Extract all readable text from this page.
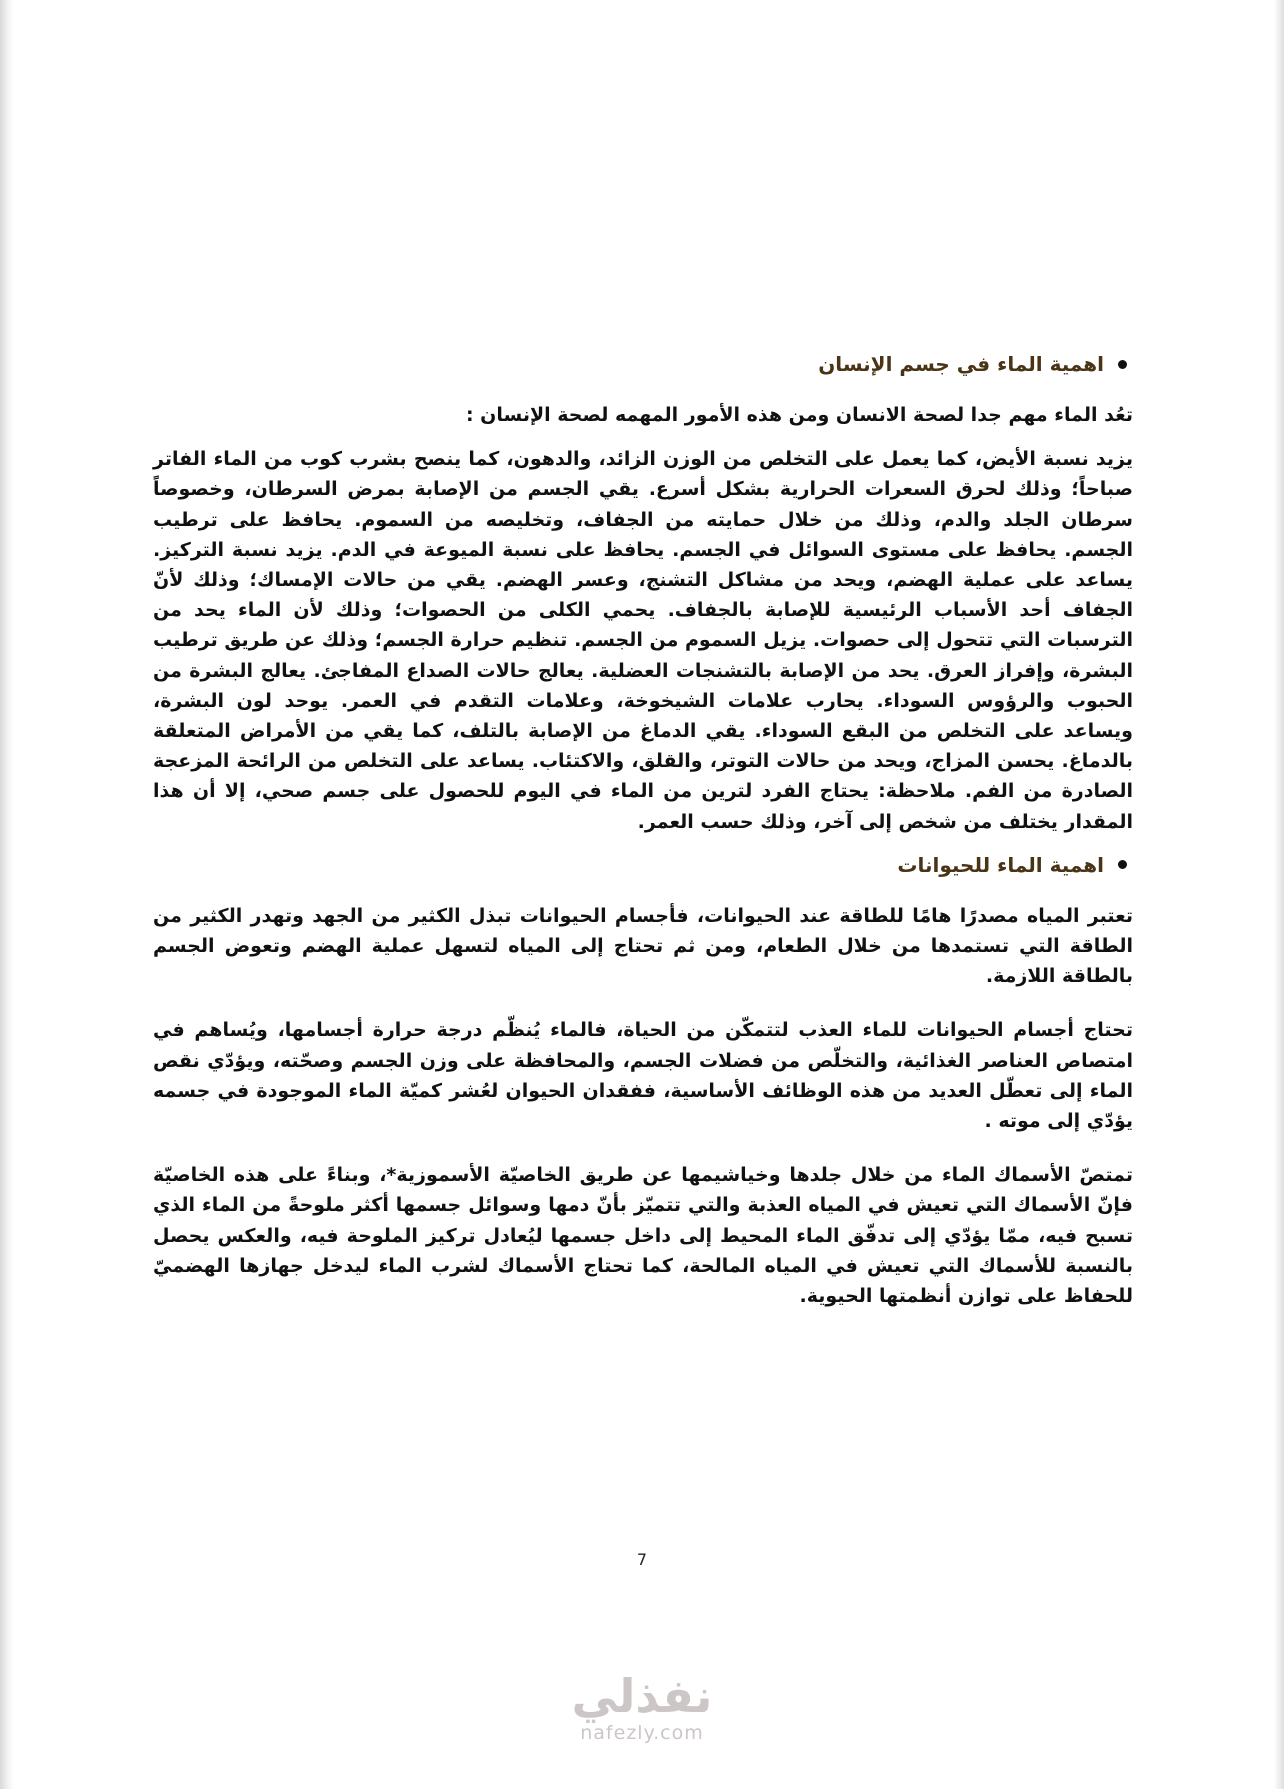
اهمية الماء في جسم الإنسان

تعُد الماء مهم جدا لصحة الانسان ومن هذه الأمور المهمه لصحة الإنسان :

يزيد نسبة الأيض، كما يعمل على التخلص من الوزن الزائد، والدهون، كما ينصح بشرب كوب من الماء الفاتر صباحاً؛ وذلك لحرق السعرات الحرارية بشكل أسرع. يقي الجسم من الإصابة بمرض السرطان، وخصوصاً سرطان الجلد والدم، وذلك من خلال حمايته من الجفاف، وتخليصه من السموم. يحافظ على ترطيب الجسم. يحافظ على مستوى السوائل في الجسم. يحافظ على نسبة الميوعة في الدم. يزيد نسبة التركيز. يساعد على عملية الهضم، ويحد من مشاكل التشنج، وعسر الهضم. يقي من حالات الإمساك؛ وذلك لأنّ الجفاف أحد الأسباب الرئيسية للإصابة بالجفاف. يحمي الكلى من الحصوات؛ وذلك لأن الماء يحد من الترسبات التي تتحول إلى حصوات. يزيل السموم من الجسم. تنظيم حرارة الجسم؛ وذلك عن طريق ترطيب البشرة، وإفراز العرق. يحد من الإصابة بالتشنجات العضلية. يعالج حالات الصداع المفاجئ. يعالج البشرة من الحبوب والرؤوس السوداء. يحارب علامات الشيخوخة، وعلامات التقدم في العمر. يوحد لون البشرة، ويساعد على التخلص من البقع السوداء. يقي الدماغ من الإصابة بالتلف، كما يقي من الأمراض المتعلقة بالدماغ. يحسن المزاج، ويحد من حالات التوتر، والقلق، والاكتئاب. يساعد على التخلص من الرائحة المزعجة الصادرة من الفم. ملاحظة: يحتاج الفرد لترين من الماء في اليوم للحصول على جسم صحي، إلا أن هذا المقدار يختلف من شخص إلى آخر، وذلك حسب العمر.

اهمية الماء للحيوانات

تعتبر المياه مصدرًا هامًا للطاقة عند الحيوانات، فأجسام الحيوانات تبذل الكثير من الجهد وتهدر الكثير من الطاقة التي تستمدها من خلال الطعام، ومن ثم تحتاج إلى المياه لتسهل عملية الهضم وتعوض الجسم بالطاقة اللازمة.

تحتاج أجسام الحيوانات للماء العذب لتتمكّن من الحياة، فالماء يُنظّم درجة حرارة أجسامها، ويُساهم في امتصاص العناصر الغذائية، والتخلّص من فضلات الجسم، والمحافظة على وزن الجسم وصحّته، ويؤدّي نقص الماء إلى تعطّل العديد من هذه الوظائف الأساسية، ففقدان الحيوان لعُشر كميّة الماء الموجودة في جسمه يؤدّي إلى موته .

تمتصّ الأسماك الماء من خلال جلدها وخياشيمها عن طريق الخاصيّة الأسموزية*، وبناءً على هذه الخاصيّة فإنّ الأسماك التي تعيش في المياه العذبة والتي تتميّز بأنّ دمها وسوائل جسمها أكثر ملوحةً من الماء الذي تسبح فيه، ممّا يؤدّي إلى تدفّق الماء المحيط إلى داخل جسمها ليُعادل تركيز الملوحة فيه، والعكس يحصل بالنسبة للأسماك التي تعيش في المياه المالحة، كما تحتاج الأسماك لشرب الماء ليدخل جهازها الهضميّ للحفاظ على توازن أنظمتها الحيوية.

7
نفذلي
nafezly.com
